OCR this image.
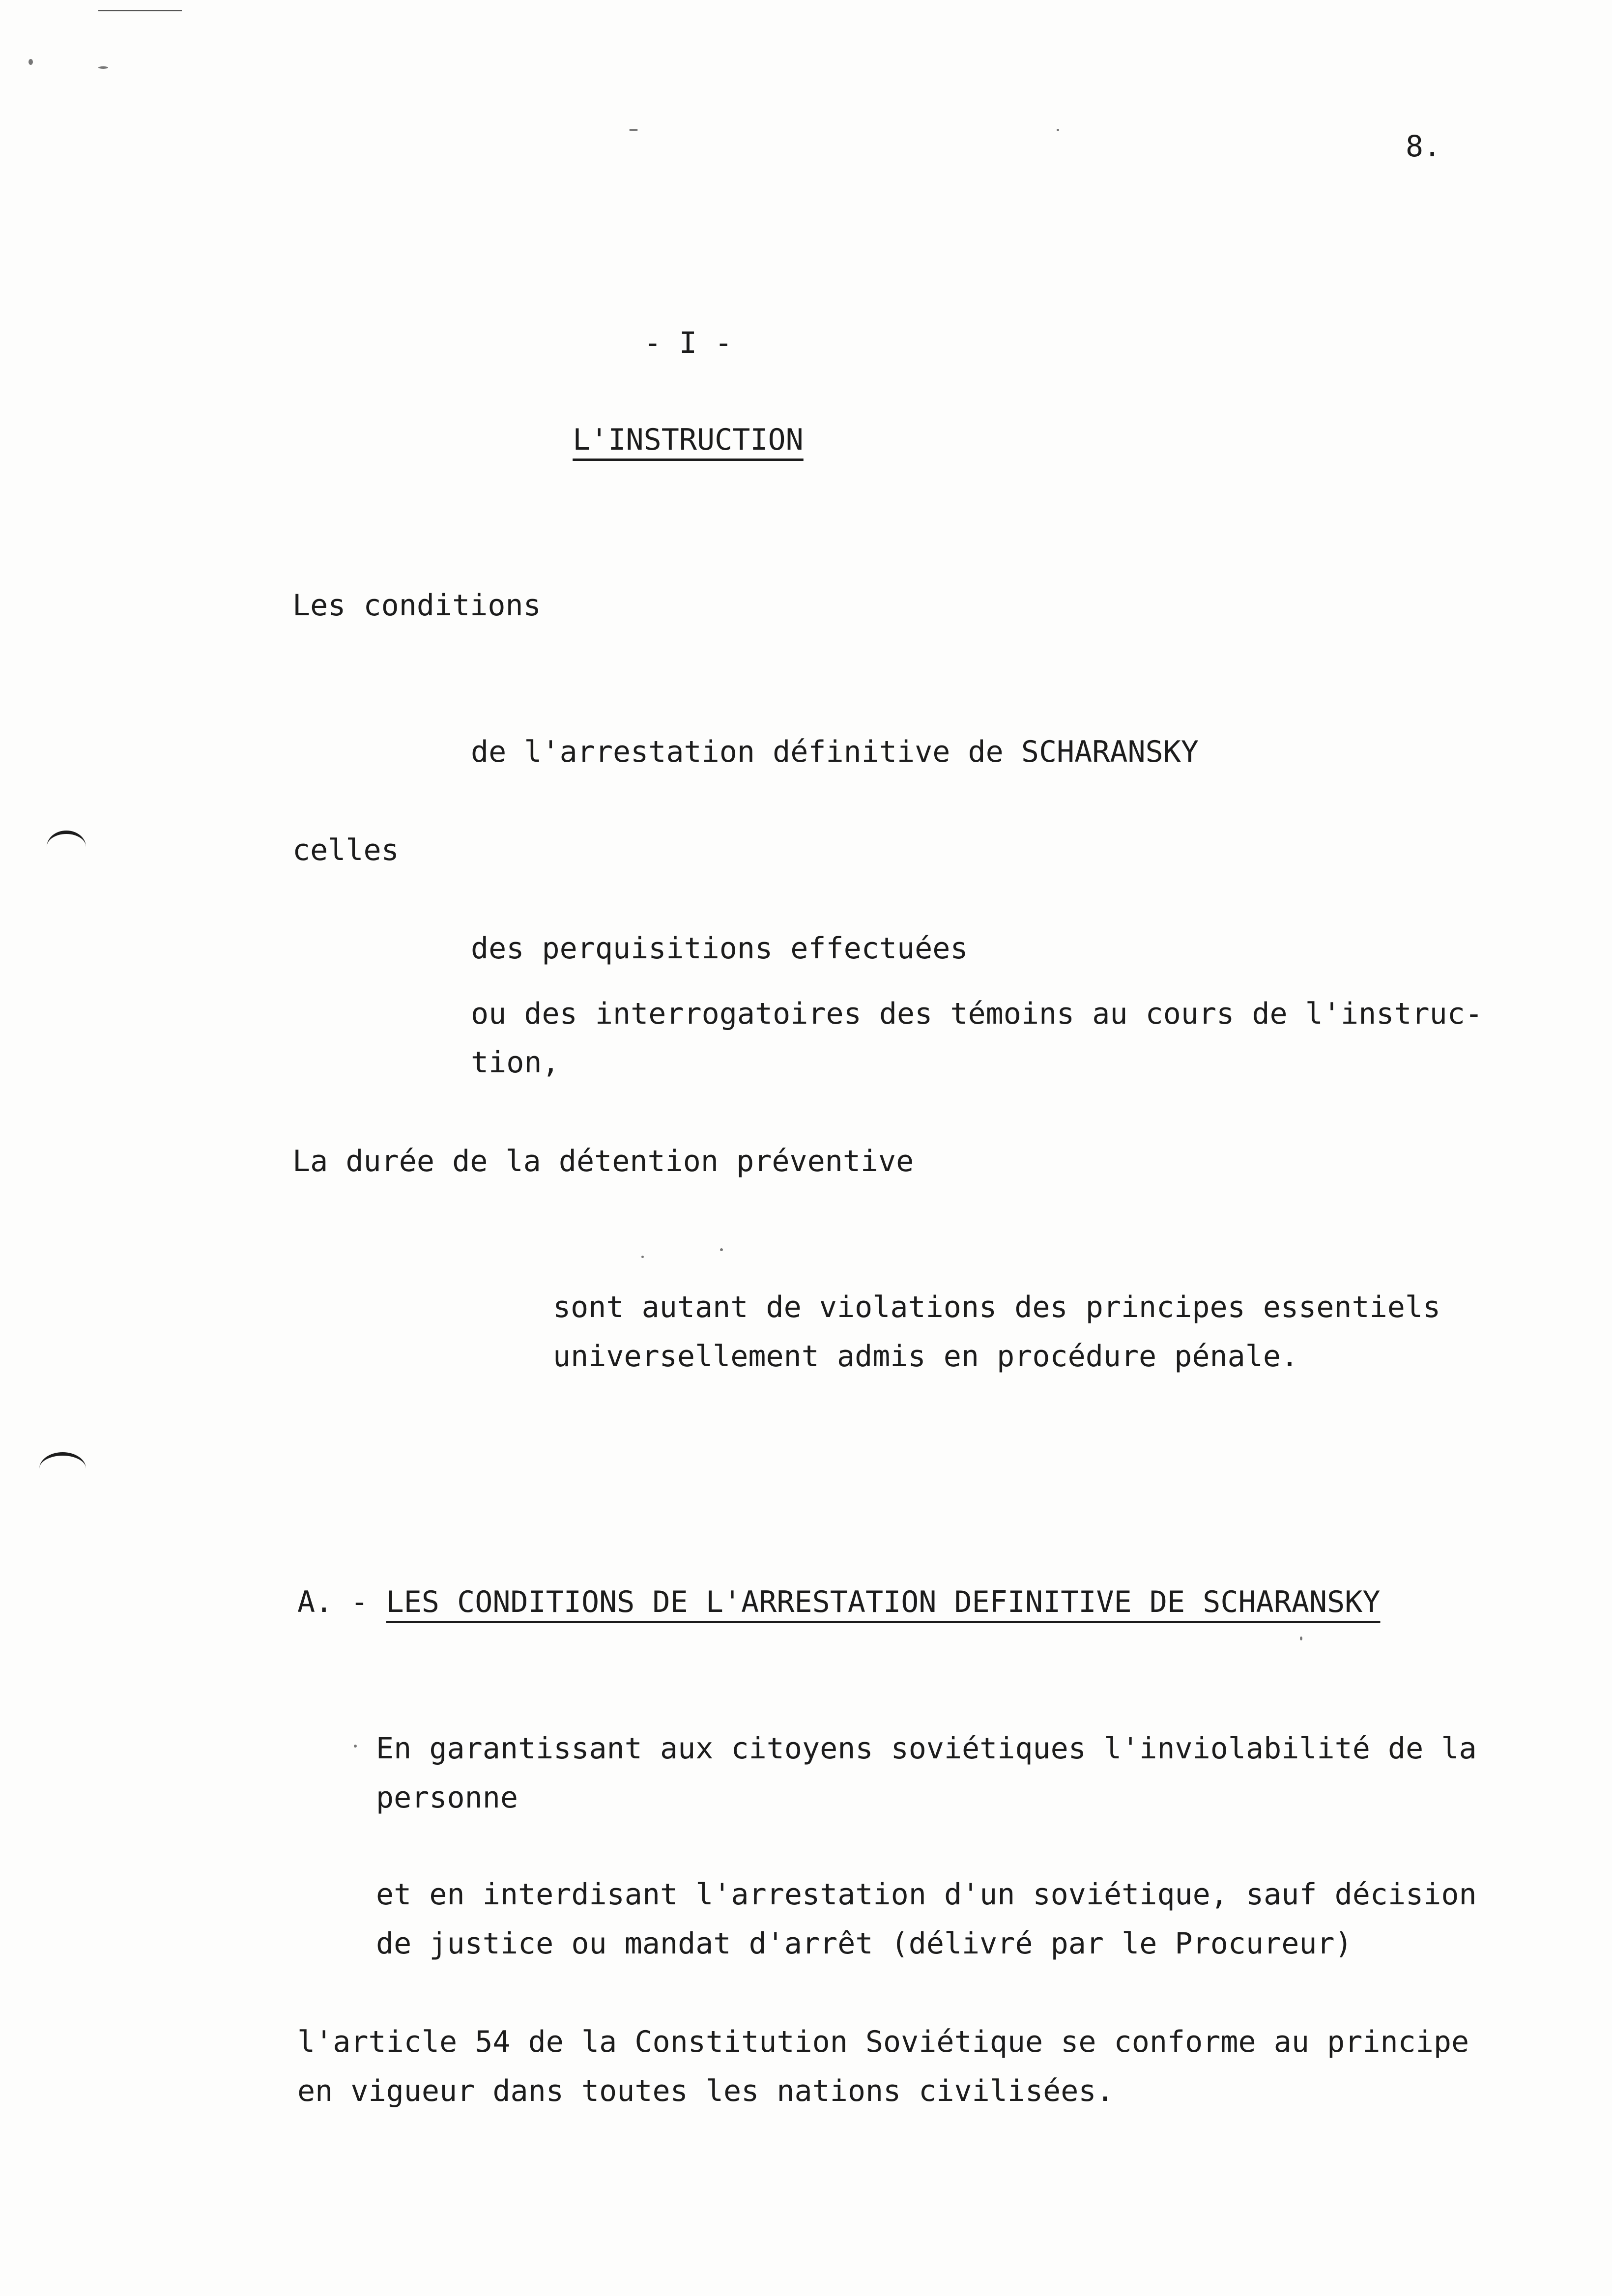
8.

- I -

L'INSTRUCTION

Les conditions

de l'arrestation définitive de SCHARANSKY

celles

des perquisitions effectuées

ou des interrogatoires des témoins au cours de l'instruc-

tion,

La durée de la détention préventive

sont autant de violations des principes essentiels

universellement admis en procédure pénale.

A. - LES CONDITIONS DE L'ARRESTATION DEFINITIVE DE SCHARANSKY

En garantissant aux citoyens soviétiques l'inviolabilité de la

personne

et en interdisant l'arrestation d'un soviétique, sauf décision

de justice ou mandat d'arrêt (délivré par le Procureur)

l'article 54 de la Constitution Soviétique se conforme au principe

en vigueur dans toutes les nations civilisées.
